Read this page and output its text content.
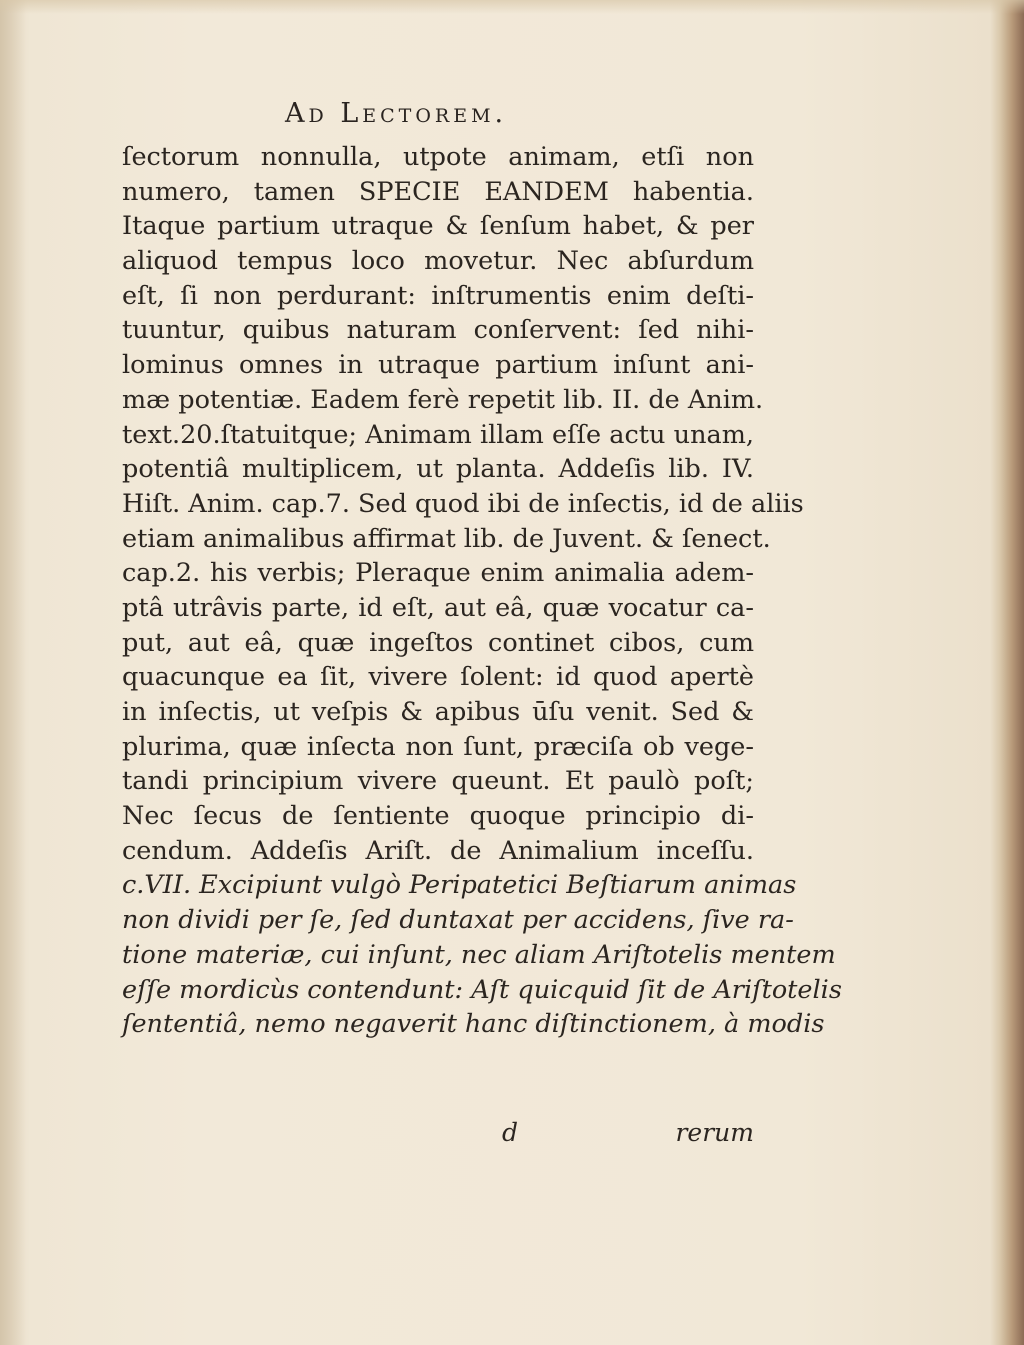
Ad Lectorem.
ſectorum nonnulla, utpote animam, etſi non
numero, tamen SPECIE EANDEM habentia.
Itaque partium utraque & ſenſum habet, & per
aliquod tempus loco movetur. Nec abſurdum
eſt, ſi non perdurant: inſtrumentis enim deſti-
tuuntur, quibus naturam conſervent: ſed nihi-
lominus omnes in utraque partium inſunt ani-
mæ potentiæ. Eadem ferè repetit lib. II. de Anim.
text.20.ſtatuitque; Animam illam eſſe actu unam,
potentiâ multiplicem, ut planta. Addeſis lib. IV.
Hiſt. Anim. cap.7. Sed quod ibi de inſectis, id de aliis
etiam animalibus affirmat lib. de Juvent. & ſenect.
cap.2. his verbis; Pleraque enim animalia adem-
ptâ utrâvis parte, id eſt, aut eâ, quæ vocatur ca-
put, aut eâ, quæ ingeſtos continet cibos, cum
quacunque ea ſit, vivere ſolent: id quod apertè
in inſectis, ut veſpis & apibus ūſu venit. Sed &
plurima, quæ inſecta non ſunt, præciſa ob vege-
tandi principium vivere queunt. Et paulò poſt;
Nec ſecus de ſentiente quoque principio di-
cendum. Addeſis Ariſt. de Animalium inceſſu.
c.VII. Excipiunt vulgò Peripatetici Beſtiarum animas
non dividi per ſe, ſed duntaxat per accidens, ſive ra-
tione materiæ, cui inſunt, nec aliam Ariſtotelis mentem
eſſe mordicùs contendunt: Aſt quicquid ſit de Ariſtotelis
ſententiâ, nemo negaverit hanc diſtinctionem, à modis
d	rerum
